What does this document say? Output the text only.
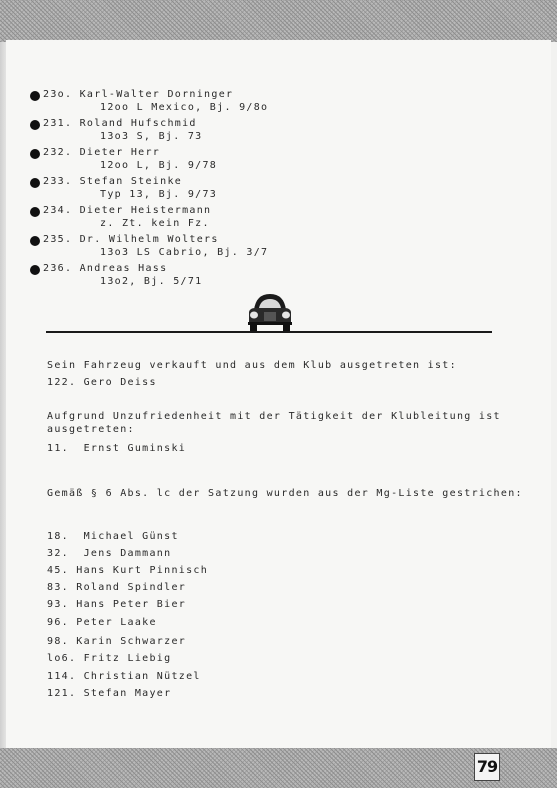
23o. Karl-Walter Dorninger
12oo L Mexico, Bj. 9/8o
231. Roland Hufschmid
13o3 S, Bj. 73
232. Dieter Herr
12oo L, Bj. 9/78
233. Stefan Steinke
Typ 13, Bj. 9/73
234. Dieter Heistermann
z. Zt. kein Fz.
235. Dr. Wilhelm Wolters
13o3 LS Cabrio, Bj. 3/7
236. Andreas Hass
13o2, Bj. 5/71
Sein Fahrzeug verkauft und aus dem Klub ausgetreten ist:
122. Gero Deiss
Aufgrund Unzufriedenheit mit der Tätigkeit der Klubleitung ist
ausgetreten:
11.  Ernst Guminski
Gemäß § 6 Abs. lc der Satzung wurden aus der Mg-Liste gestrichen:
18.  Michael Günst
32.  Jens Dammann
45. Hans Kurt Pinnisch
83. Roland Spindler
93. Hans Peter Bier
96. Peter Laake
98. Karin Schwarzer
lo6. Fritz Liebig
114. Christian Nützel
121. Stefan Mayer
79
